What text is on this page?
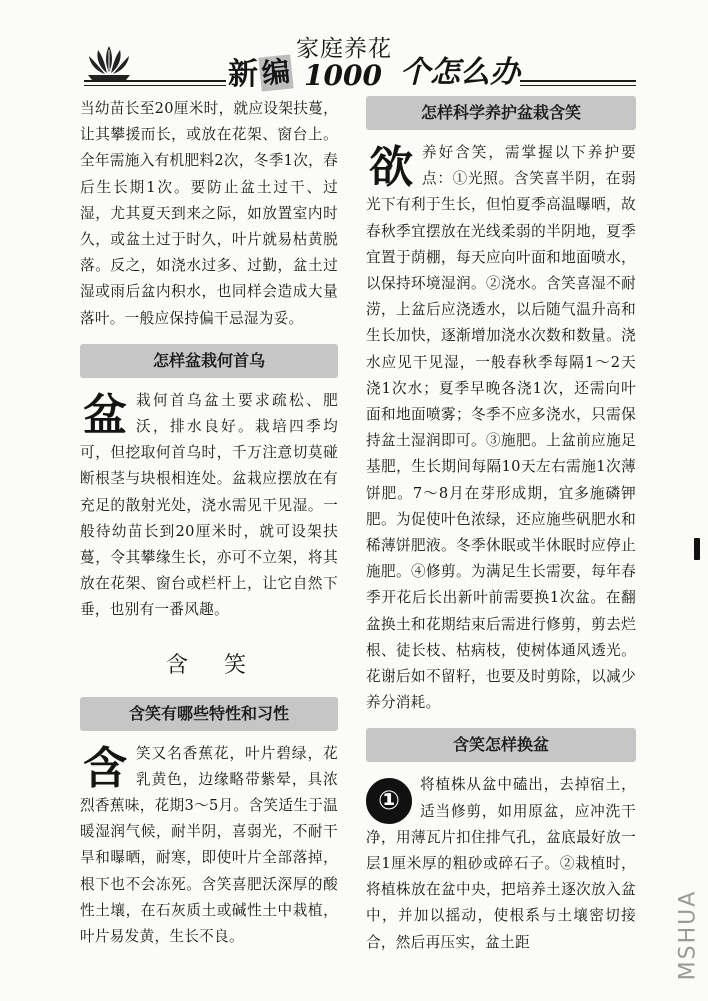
新 编
家庭养花
1000 个怎么办

当幼苗长至20厘米时，就应设架扶蔓，让其攀援而长，或放在花架、窗台上。全年需施入有机肥料2次，冬季1次，春后生长期1次。要防止盆土过干、过湿，尤其夏天到来之际，如放置室内时久，或盆土过于时久，叶片就易枯黄脱落。反之，如浇水过多、过勤，盆土过湿或雨后盆内积水，也同样会造成大量落叶。一般应保持偏干忌湿为妥。

怎样盆栽何首乌
盆 栽何首乌盆土要求疏松、肥沃，排水良好。栽培四季均可，但挖取何首乌时，千万注意切莫碰断根茎与块根相连处。盆栽应摆放在有充足的散射光处，浇水需见干见湿。一般待幼苗长到20厘米时，就可设架扶蔓，令其攀缘生长，亦可不立架，将其放在花架、窗台或栏杆上，让它自然下垂，也别有一番风趣。

含笑
含笑有哪些特性和习性
含 笑又名香蕉花，叶片碧绿，花乳黄色，边缘略带紫晕，具浓烈香蕉味，花期3～5月。含笑适生于温暖湿润气候，耐半阴，喜弱光，不耐干旱和曝晒，耐寒，即使叶片全部落掉，根下也不会冻死。含笑喜肥沃深厚的酸性土壤，在石灰质土或碱性土中栽植，叶片易发黄，生长不良。

怎样科学养护盆栽含笑
欲 养好含笑，需掌握以下养护要点：①光照。含笑喜半阴，在弱光下有利于生长，但怕夏季高温曝晒，故春秋季宜摆放在光线柔弱的半阴地，夏季宜置于荫棚，每天应向叶面和地面喷水，以保持环境湿润。②浇水。含笑喜湿不耐涝，上盆后应浇透水，以后随气温升高和生长加快，逐渐增加浇水次数和数量。浇水应见干见湿，一般春秋季每隔1～2天浇1次水；夏季早晚各浇1次，还需向叶面和地面喷雾；冬季不应多浇水，只需保持盆土湿润即可。③施肥。上盆前应施足基肥，生长期间每隔10天左右需施1次薄饼肥。7～8月在芽形成期，宜多施磷钾肥。为促使叶色浓绿，还应施些矾肥水和稀薄饼肥液。冬季休眠或半休眠时应停止施肥。④修剪。为满足生长需要，每年春季开花后长出新叶前需要换1次盆。在翻盆换土和花期结束后需进行修剪，剪去烂根、徒长枝、枯病枝，使树体通风透光。花谢后如不留籽，也要及时剪除，以减少养分消耗。

含笑怎样换盆
①

将植株从盆中磕出，去掉宿土，适当修剪，如用原盆，应冲洗干净，用薄瓦片扣住排气孔，盆底最好放一层1厘米厚的粗砂或碎石子。②栽植时，将植株放在盆中央，把培养土逐次放入盆中，并加以摇动，使根系与土壤密切接合，然后再压实，盆土距	MSHUA
